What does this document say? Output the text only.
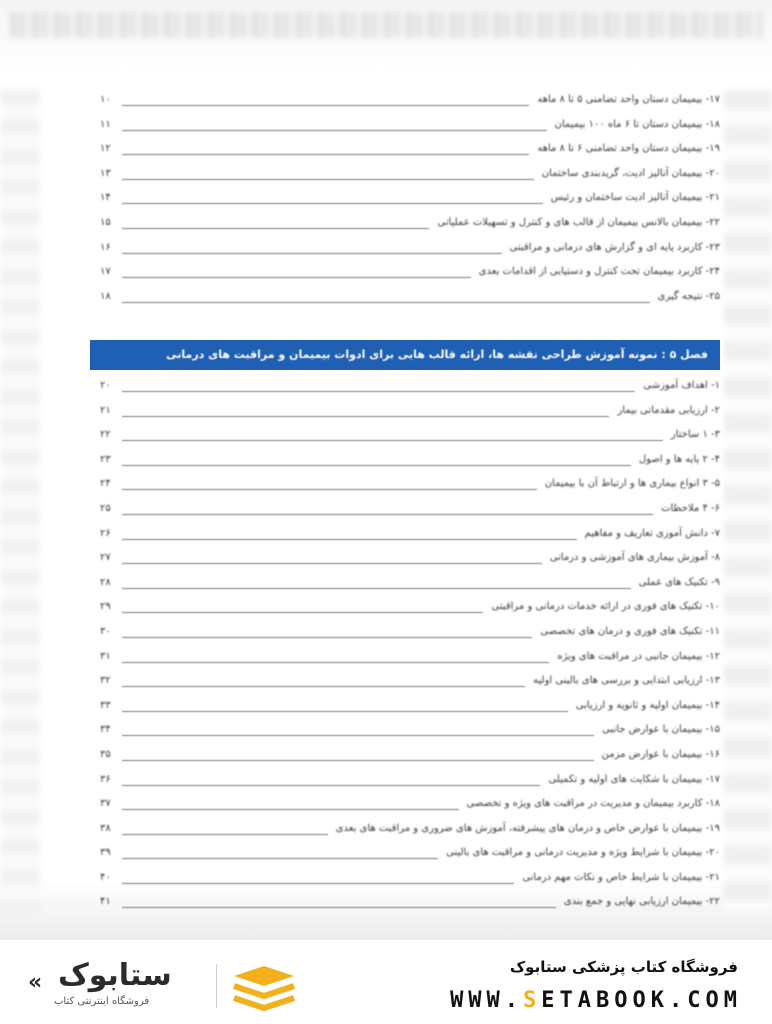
۱۷- بیمیمان دستان واحد تضامنی ۵ تا ۸ ماهه
۱۰
۱۸- بیمیمان دستان تا ۶ ماه ۱۰۰ بیمیمان
۱۱
۱۹- بیمیمان دستان واحد تضامنی ۶ تا ۸ ماهه
۱۲
۲۰- بیمیمان آنالیز ادیت، گریدبندی ساختمان
۱۳
۲۱- بیمیمان آنالیز ادیت ساختمان و رئیس
۱۴
۲۲- بیمیمان بالانس بیمیمان از قالب های و کنترل و تسهیلات عملیاتی
۱۵
۲۳- کاربرد پایه ای و گزارش های درمانی و مراقبتی
۱۶
۲۴- کاربرد بیمیمان تحت کنترل و دستیابی از اقدامات بعدی
۱۷
۲۵- نتیجه گیری
۱۸
فصل ۵ : نمونه آموزش طراحی نقشه ها، ارائه قالب هایی برای ادوات بیمیمان و مراقبت های درمانی
۱- اهداف آموزشی
۲۰
۲- ارزیابی مقدماتی بیمار
۲۱
۳- ۱ ساختار
۲۲
۴- ۲ پایه ها و اصول
۲۳
۵- ۳ انواع بیماری ها و ارتباط آن با بیمیمان
۲۴
۶- ۴ ملاحظات
۲۵
۷- دانش آموزی تعاریف و مفاهیم
۲۶
۸- آموزش بیماری های آموزشی و درمانی
۲۷
۹- تکنیک های عملی
۲۸
۱۰- تکنیک های فوری در ارائه خدمات درمانی و مراقبتی
۲۹
۱۱- تکنیک های فوری و درمان های تخصصی
۳۰
۱۲- بیمیمان جانبی در مراقبت های ویژه
۳۱
۱۳- ارزیابی ابتدایی و بررسی های بالینی اولیه
۳۲
۱۴- بیمیمان اولیه و ثانویه و ارزیابی
۳۳
۱۵- بیمیمان با عوارض جانبی
۳۴
۱۶- بیمیمان با عوارض مزمن
۳۵
۱۷- بیمیمان با شکایت های اولیه و تکمیلی
۳۶
۱۸- کاربرد بیمیمان و مدیریت در مراقبت های ویژه و تخصصی
۳۷
۱۹- بیمیمان با عوارض خاص و درمان های پیشرفته، آموزش های ضروری و مراقبت های بعدی
۳۸
۲۰- بیمیمان با شرایط ویژه و مدیریت درمانی و مراقبت های بالینی
۳۹
۲۱- بیمیمان با شرایط خاص و نکات مهم درمانی
۴۰
۲۲- بیمیمان ارزیابی نهایی و جمع بندی
۴۱
« ستابوک
فروشگاه اینترنتی کتاب
فروشگاه کتاب پزشکی ستابوک
WWW.SETABOOK.COM
